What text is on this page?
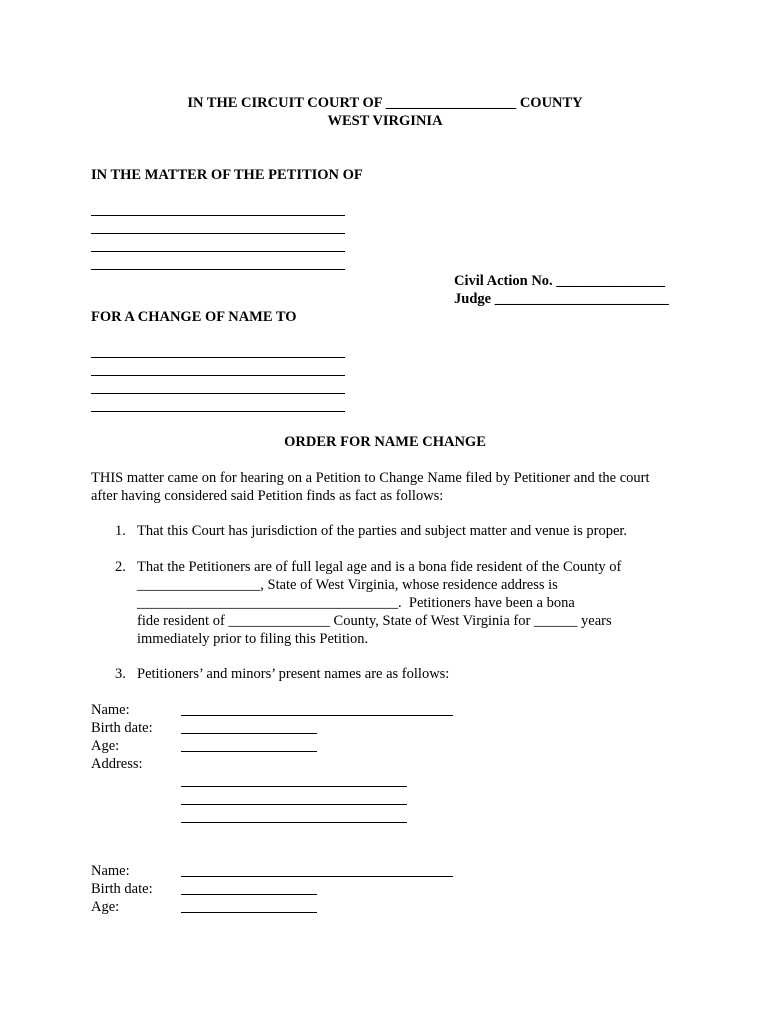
IN THE CIRCUIT COURT OF __________________ COUNTY
WEST VIRGINIA
IN THE MATTER OF THE PETITION OF
Civil Action No. _______________
Judge ________________________
FOR A CHANGE OF NAME TO
ORDER FOR NAME CHANGE
THIS matter came on for hearing on a Petition to Change Name filed by Petitioner and the court
after having considered said Petition finds as fact as follows:
1. That this Court has jurisdiction of the parties and subject matter and venue is proper.
2. That the Petitioners are of full legal age and is a bona fide resident of the County of
_________________, State of West Virginia, whose residence address is
____________________________________.  Petitioners have been a bona
fide resident of ______________ County, State of West Virginia for ______ years
immediately prior to filing this Petition.
3. Petitioners’ and minors’ present names are as follows:
Name:
Birth date:
Age:
Address:
Name:
Birth date:
Age:
